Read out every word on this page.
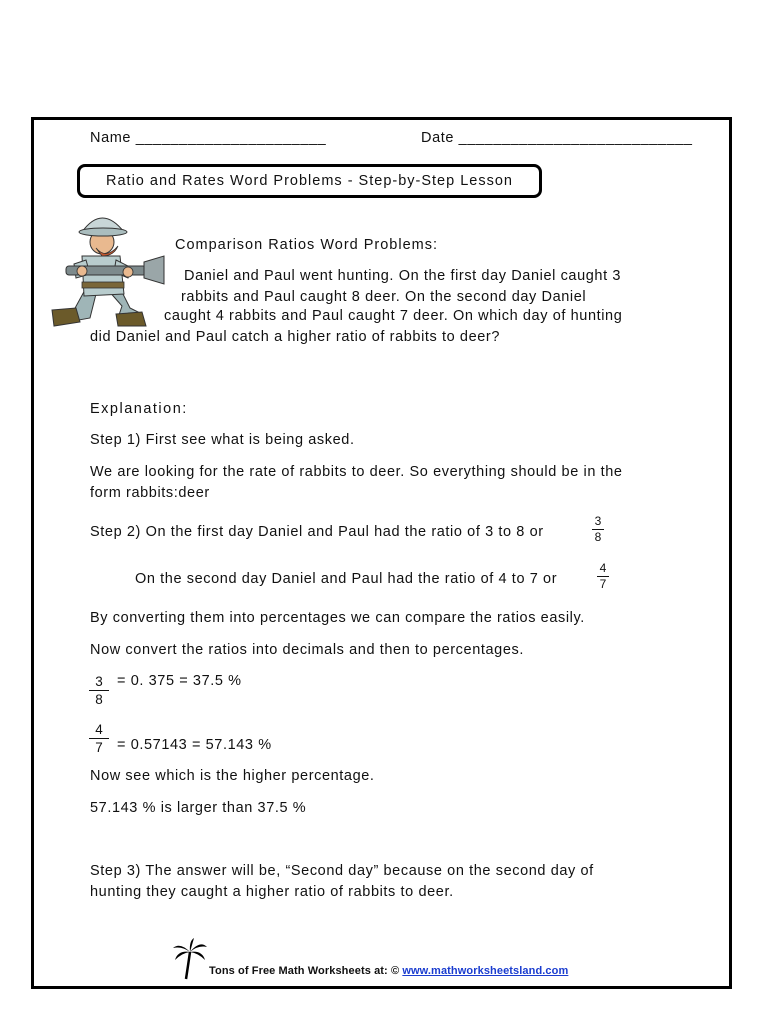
Name ______________________	Date ___________________________
Ratio and Rates Word Problems - Step-by-Step Lesson
Comparison Ratios Word Problems:
Daniel and Paul went hunting. On the first day Daniel caught 3
rabbits and Paul caught 8 deer. On the second day Daniel
caught 4 rabbits and Paul caught 7 deer. On which day of hunting
did Daniel and Paul catch a higher ratio of rabbits to deer?
Explanation:
Step 1) First see what is being asked.
We are looking for the rate of rabbits to deer. So everything should be in the
form rabbits:deer
Step 2) On the first day Daniel and Paul had the ratio of 3 to 8 or
3
8
On the second day Daniel and Paul had the ratio of 4 to 7 or
4
7
By converting them into percentages we can compare the ratios easily.
Now convert the ratios into decimals and then to percentages.
3
8
= 0. 375 = 37.5 %
4
7 = 0.57143 = 57.143 %
Now see which is the higher percentage.
57.143 % is larger than 37.5 %
Step 3) The answer will be, “Second day” because on the second day of
hunting they caught a higher ratio of rabbits to deer.
Tons of Free Math Worksheets at: © www.mathworksheetsland.com
